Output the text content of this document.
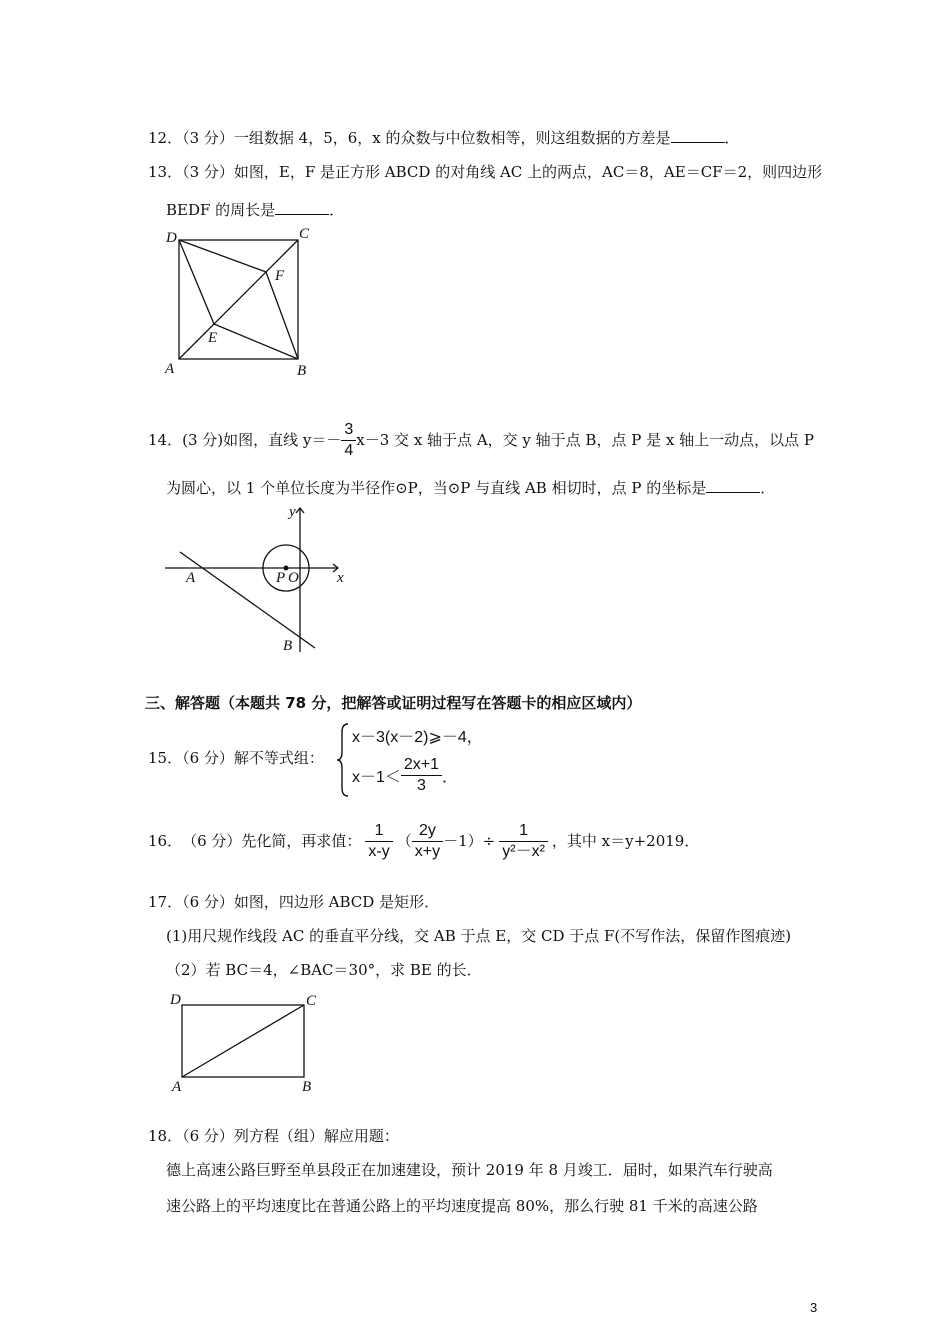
12．（3 分）一组数据 4，5，6，x 的众数与中位数相等，则这组数据的方差是	．
13．（3 分）如图，E，F 是正方形 ABCD 的对角线 AC 上的两点，AC＝8，AE＝CF＝2，则四边形
BEDF 的周长是	．
D	C
F
E
A	B
14． (3 分) 如图，直线 $y=- \frac{3}{4} x-3$ 交 x 轴于点 A，交 y 轴于点 B，点 P 是 x 轴上一动点，以点 P
为圆心，以 1 个单位长度为半径作⊙P，当⊙P 与直线 AB 相切时，点 P 的坐标是	．
y
A	P O	x
B
三、解答题（本题共 78 分，把解答或证明过程写在答题卡的相应区域内）
15．（6 分）解不等式组：
x－3(x－2)⩾－4，
$x-1< \frac{2x+1}{3}$ ．
16． （6 分） 先化简，再求值： $\frac{1}{x-y}$ （ $\frac{2y}{x+y} -1)\div \frac{1}{\text{y²－x²}}$ ，其中 x＝y+2019．
17．（6 分）如图，四边形 ABCD 是矩形．
(1)用尺规作线段 AC 的垂直平分线，交 AB 于点 E，交 CD 于点 F(不写作法，保留作图痕迹)
（2）若 BC＝4，∠BAC＝30°，求 BE 的长．
D	C
A	B
18．（6 分）列方程（组）解应用题：
德上高速公路巨野至单县段正在加速建设，预计 2019 年 8 月竣工．届时，如果汽车行驶高
速公路上的平均速度比在普通公路上的平均速度提高 80%，那么行驶 81 千米的高速公路
3
